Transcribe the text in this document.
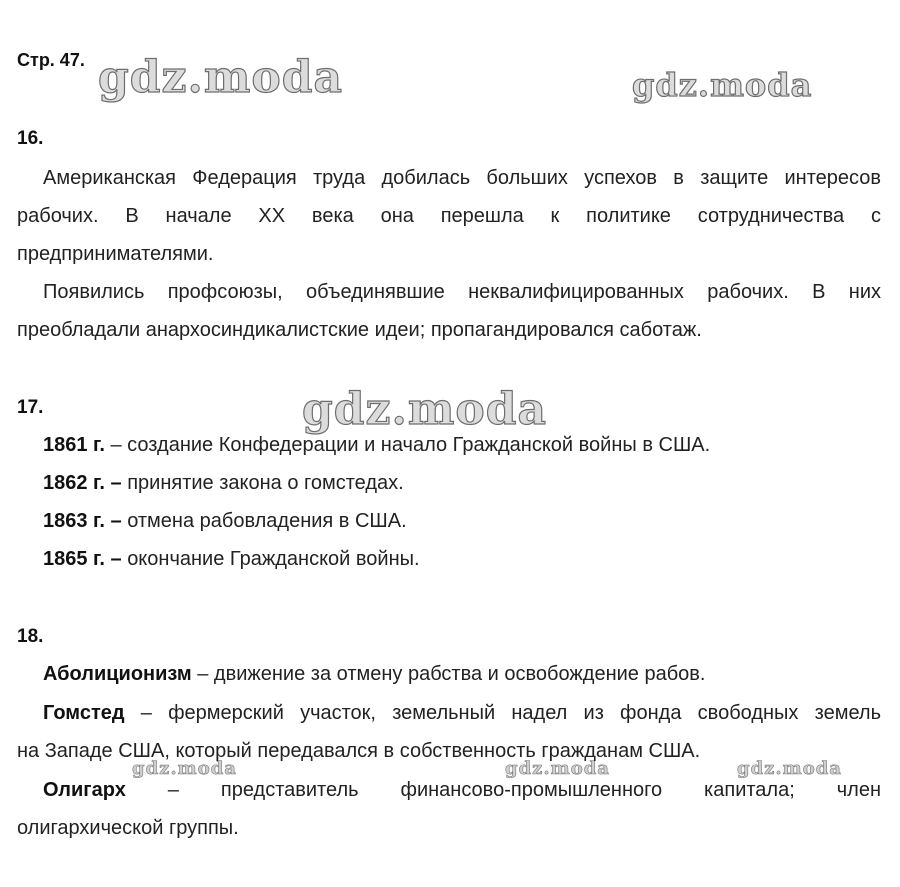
Стр. 47. gdz.moda	gdz.moda
gdz.moda
gdz.moda	gdz.moda	gdz.moda
16.
Американская Федерация труда добилась больших успехов в защите интересов
рабочих. В начале XX века она перешла к политике сотрудничества с
предпринимателями.
Появились профсоюзы, объединявшие неквалифицированных рабочих. В них
преобладали анархосиндикалистские идеи; пропагандировался саботаж.
17.
1861 г. – создание Конфедерации и начало Гражданской войны в США.
1862 г. – принятие закона о гомстедах.
1863 г. – отмена рабовладения в США.
1865 г. – окончание Гражданской войны.
18.
Аболиционизм – движение за отмену рабства и освобождение рабов.
Гомстед – фермерский участок, земельный надел из фонда свободных земель
на Западе США, который передавался в собственность гражданам США.
Олигарх – представитель финансово-промышленного капитала; член
олигархической группы.
